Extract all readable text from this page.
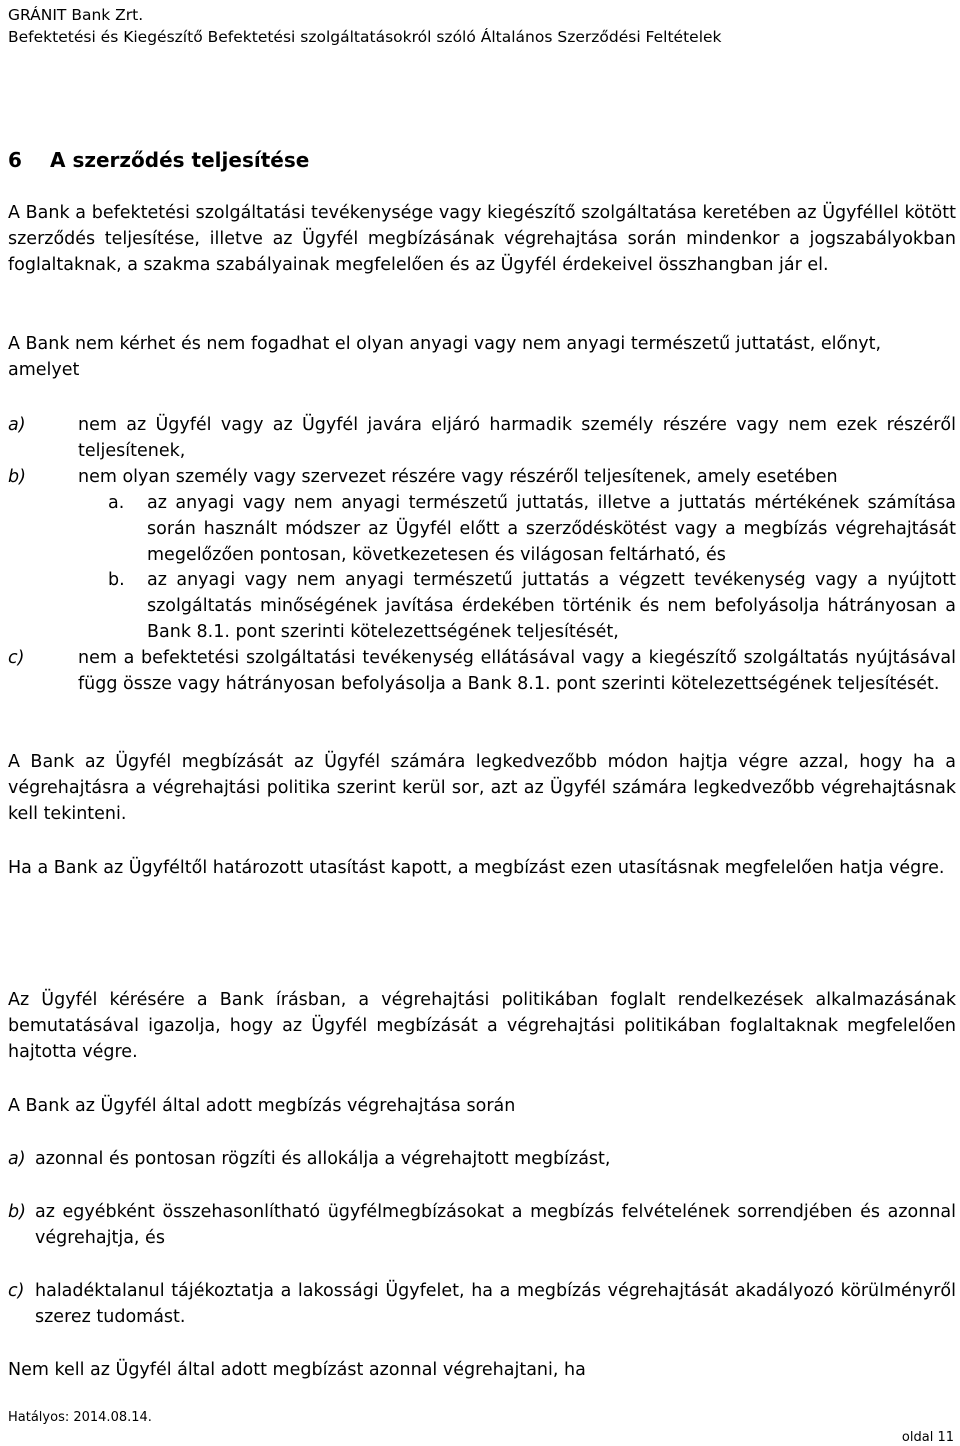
GRÁNIT Bank Zrt.
Befektetési és Kiegészítő Befektetési szolgáltatásokról szóló Általános Szerződési Feltételek
6 A szerződés teljesítése
A Bank a befektetési szolgáltatási tevékenysége vagy kiegészítő szolgáltatása keretében az Ügyféllel kötött szerződés teljesítése, illetve az Ügyfél megbízásának végrehajtása során mindenkor a jogszabályokban foglaltaknak, a szakma szabályainak megfelelően és az Ügyfél érdekeivel összhangban jár el.
A Bank nem kérhet és nem fogadhat el olyan anyagi vagy nem anyagi természetű juttatást, előnyt, amelyet
a)	nem az Ügyfél vagy az Ügyfél javára eljáró harmadik személy részére vagy nem ezek részéről teljesítenek,
b)	nem olyan személy vagy szervezet részére vagy részéről teljesítenek, amely esetében
a. az anyagi vagy nem anyagi természetű juttatás, illetve a juttatás mértékének számítása során használt módszer az Ügyfél előtt a szerződéskötést vagy a megbízás végrehajtását megelőzően pontosan, következetesen és világosan feltárható, és
b. az anyagi vagy nem anyagi természetű juttatás a végzett tevékenység vagy a nyújtott szolgáltatás minőségének javítása érdekében történik és nem befolyásolja hátrányosan a Bank 8.1. pont szerinti kötelezettségének teljesítését,
c)	nem a befektetési szolgáltatási tevékenység ellátásával vagy a kiegészítő szolgáltatás nyújtásával függ össze vagy hátrányosan befolyásolja a Bank 8.1. pont szerinti kötelezettségének teljesítését.
A Bank az Ügyfél megbízását az Ügyfél számára legkedvezőbb módon hajtja végre azzal, hogy ha a végrehajtásra a végrehajtási politika szerint kerül sor, azt az Ügyfél számára legkedvezőbb végrehajtásnak kell tekinteni.
Ha a Bank az Ügyféltől határozott utasítást kapott, a megbízást ezen utasításnak megfelelően hatja végre.
Az Ügyfél kérésére a Bank írásban, a végrehajtási politikában foglalt rendelkezések alkalmazásának bemutatásával igazolja, hogy az Ügyfél megbízását a végrehajtási politikában foglaltaknak megfelelően hajtotta végre.
A Bank az Ügyfél által adott megbízás végrehajtása során
a) azonnal és pontosan rögzíti és allokálja a végrehajtott megbízást,
b) az egyébként összehasonlítható ügyfélmegbízásokat a megbízás felvételének sorrendjében és azonnal végrehajtja, és
c) haladéktalanul tájékoztatja a lakossági Ügyfelet, ha a megbízás végrehajtását akadályozó körülményről szerez tudomást.
Nem kell az Ügyfél által adott megbízást azonnal végrehajtani, ha
Hatályos: 2014.08.14.
oldal 11
